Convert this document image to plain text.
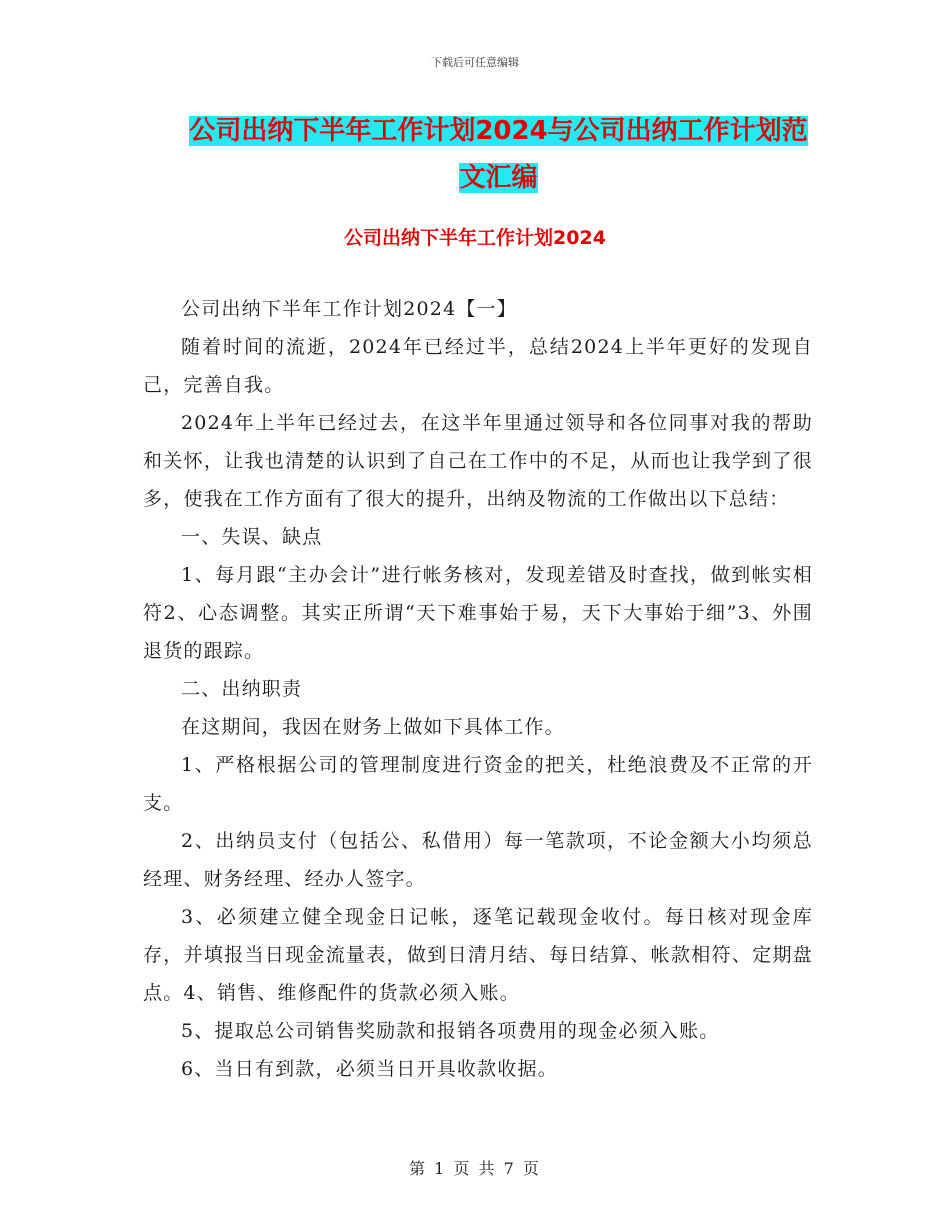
下载后可任意编辑
公司出纳下半年工作计划2024与公司出纳工作计划范
文汇编
公司出纳下半年工作计划2024

公司出纳下半年工作计划2024【一】

随着时间的流逝，2024年已经过半，总结2024上半年更好的发现自己，完善自我。

2024年上半年已经过去，在这半年里通过领导和各位同事对我的帮助和关怀，让我也清楚的认识到了自己在工作中的不足，从而也让我学到了很多，使我在工作方面有了很大的提升，出纳及物流的工作做出以下总结：

一、失误、缺点

1、每月跟“主办会计”进行帐务核对，发现差错及时查找，做到帐实相符2、心态调整。其实正所谓“天下难事始于易，天下大事始于细”3、外围退货的跟踪。

二、出纳职责

在这期间，我因在财务上做如下具体工作。

1、严格根据公司的管理制度进行资金的把关，杜绝浪费及不正常的开支。

2、出纳员支付（包括公、私借用）每一笔款项，不论金额大小均须总经理、财务经理、经办人签字。

3、必须建立健全现金日记帐，逐笔记载现金收付。每日核对现金库存，并填报当日现金流量表，做到日清月结、每日结算、帐款相符、定期盘点。4、销售、维修配件的货款必须入账。

5、提取总公司销售奖励款和报销各项费用的现金必须入账。

6、当日有到款，必须当日开具收款收据。

第 1 页 共 7 页
